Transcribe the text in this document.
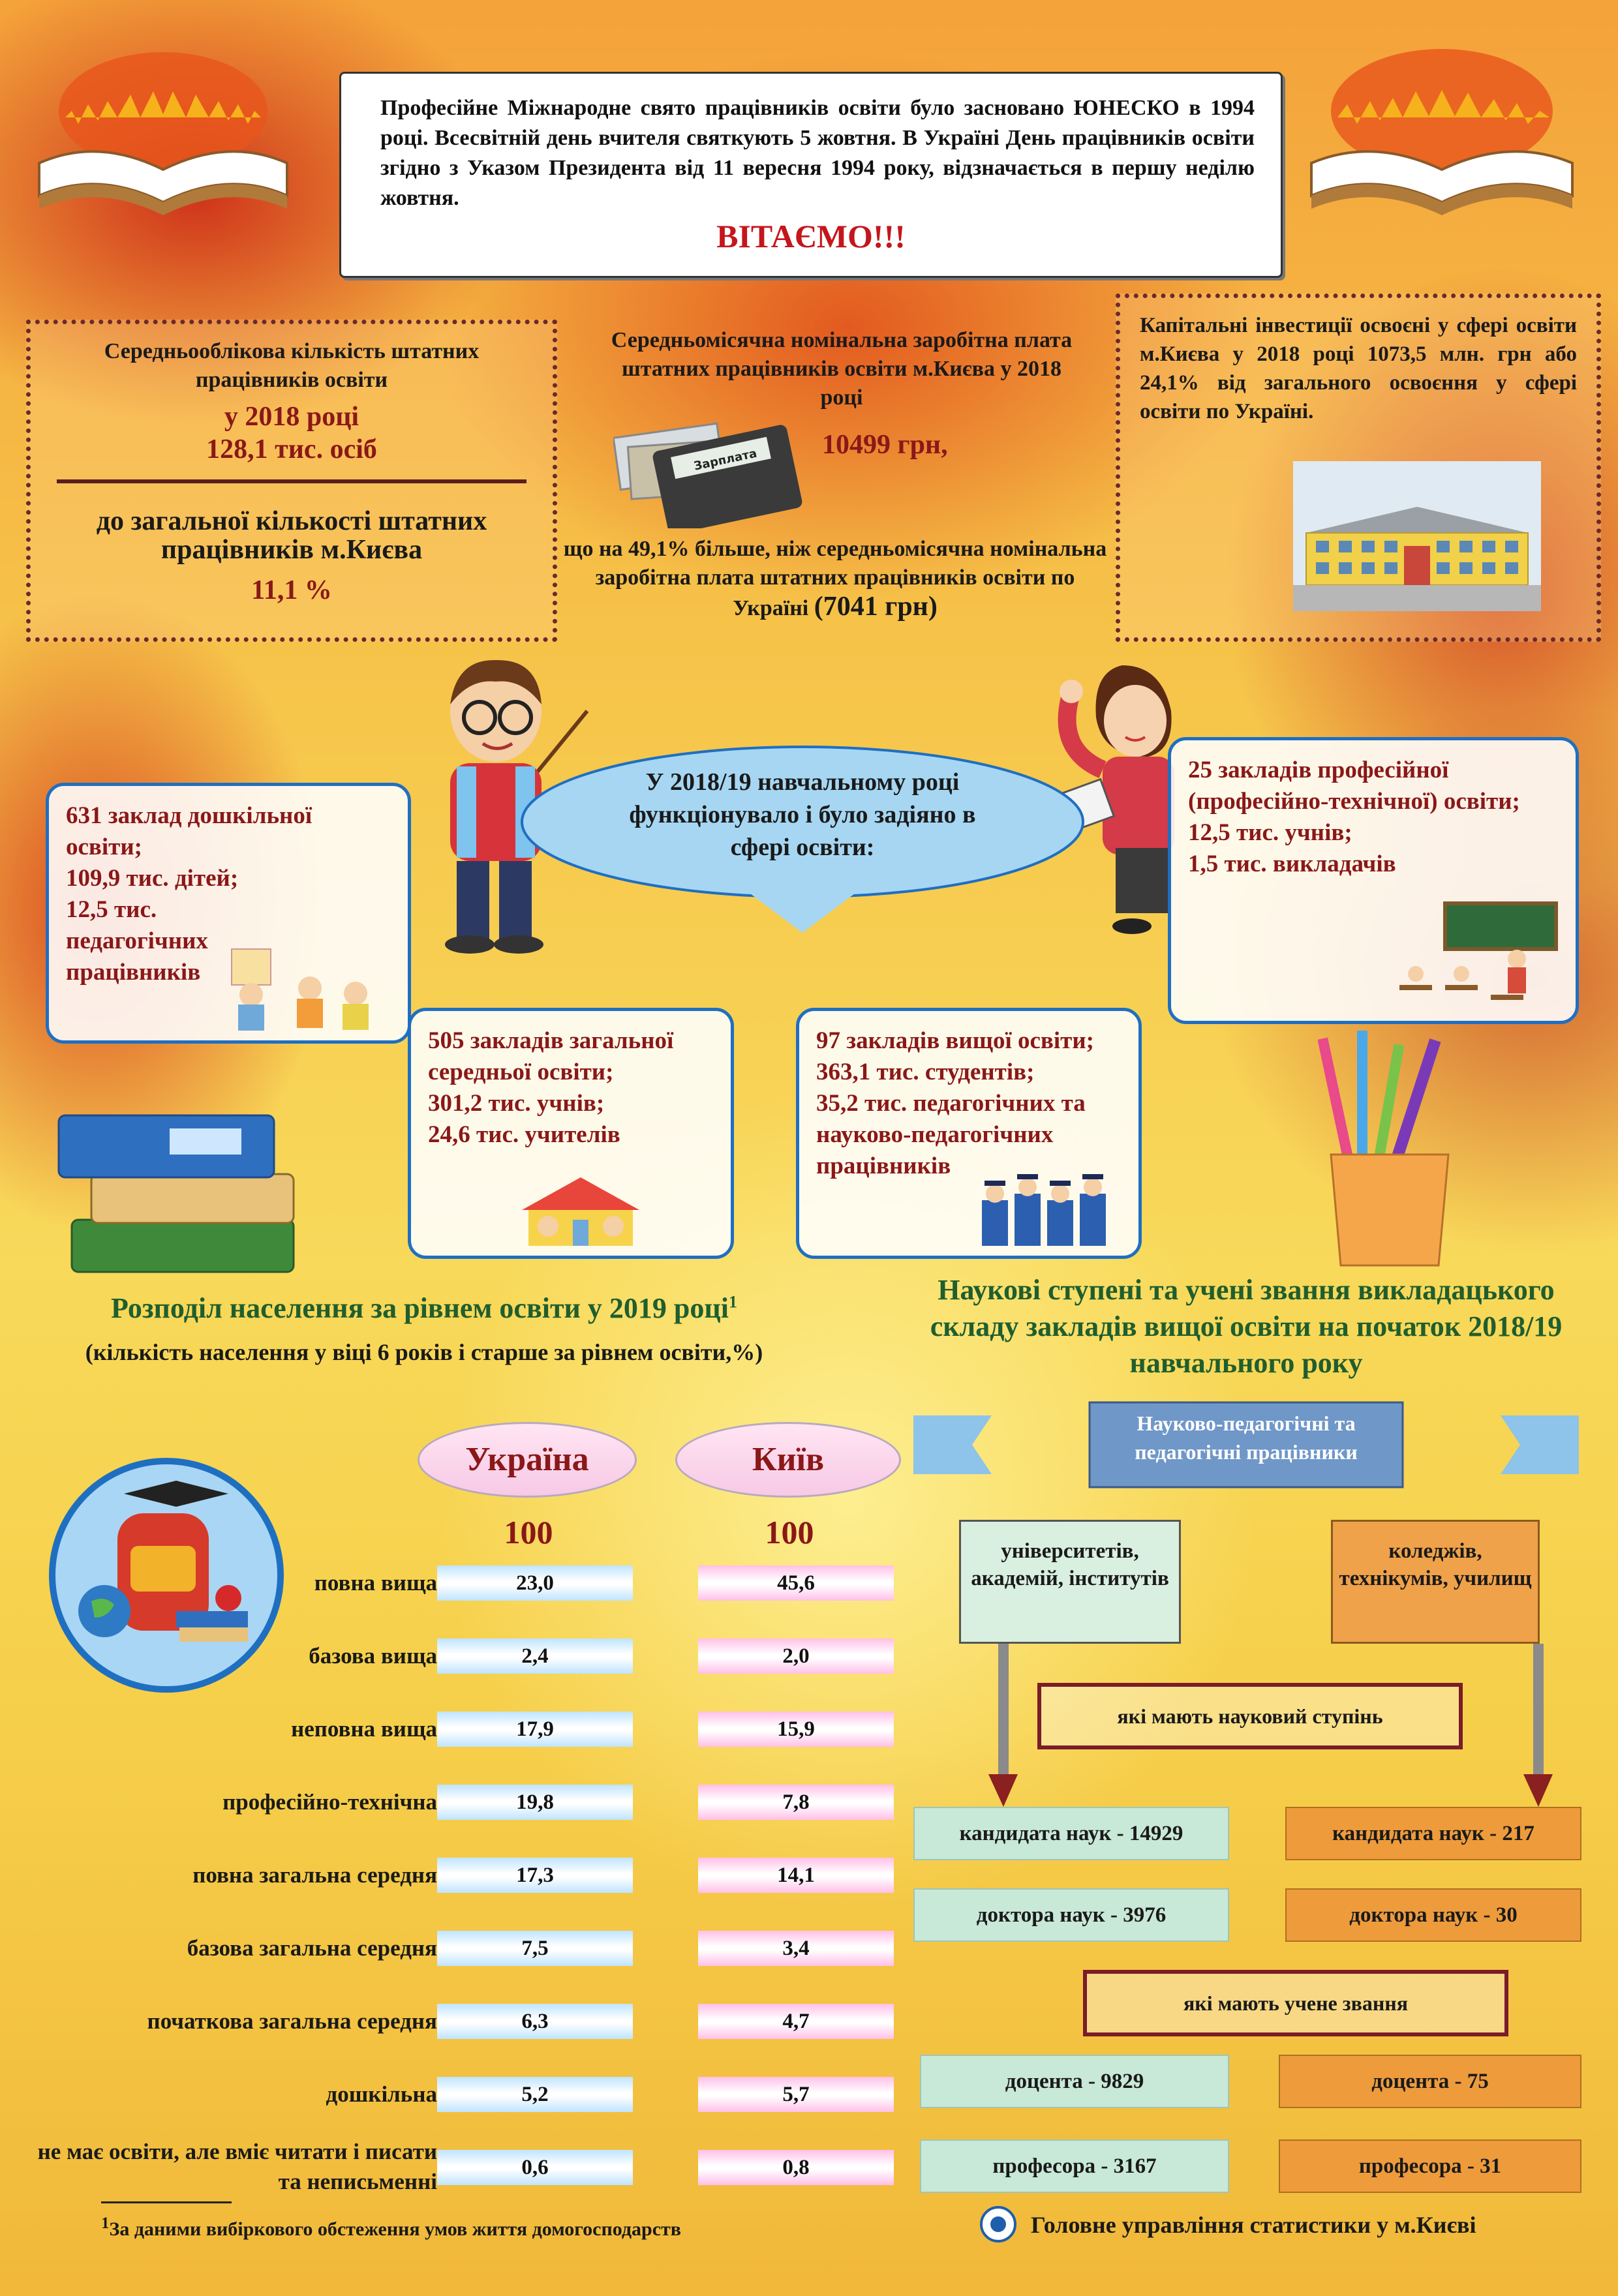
Професійне Міжнародне свято працівників освіти було засновано ЮНЕСКО в 1994 році. Всесвітній день вчителя святкують 5 жовтня. В Україні День працівників освіти згідно з Указом Президента від 11 вересня 1994 року, відзначається в першу неділю жовтня.
ВІТАЄМО!!!
Середньооблікова кількість штатних працівників освіти
у 2018 році
128,1 тис. осіб
до загальної кількості штатних працівників м.Києва
11,1 %
Середньомісячна номінальна заробітна плата штатних працівників освіти м.Києва у 2018 році
10499 грн,
Зарплата
що на 49,1% більше, ніж середньомісячна номінальна заробітна плата штатних працівників освіти по Україні (7041 грн)
Капітальні інвестиції освоєні у сфері освіти м.Києва у 2018 році 1073,5 млн. грн або 24,1% від загального освоєння у сфері освіти по Україні.
У 2018/19 навчальному році функціонувало і було задіяно в сфері освіти:
631 заклад дошкільної освіти;
109,9 тис. дітей;
12,5 тис. педагогічних працівників
25 закладів професійної (професійно-технічної) освіти;
12,5 тис. учнів;
1,5 тис. викладачів
505 закладів загальної середньої освіти;
301,2 тис. учнів;
24,6 тис. учителів
97 закладів вищої освіти;
363,1 тис. студентів;
35,2 тис. педагогічних та науково-педагогічних працівників
Розподіл населення за рівнем освіти у 2019 році$^1$
(кількість населення у віці 6 років і старше за рівнем освіти,%)
Україна	Київ
100	100
повна вища	23,0	45,6
базова вища	2,4	2,0
неповна вища	17,9	15,9
професійно-технічна	19,8	7,8
повна загальна середня	17,3	14,1
базова загальна середня	7,5	3,4
початкова загальна середня	6,3	4,7
дошкільна	5,2	5,7
не має освіти, але вміє читати і писати та неписьменні
0,6	0,8
Наукові ступені та учені звання викладацького складу закладів вищої освіти на початок 2018/19 навчального року
Науково-педагогічні та педагогічні працівники
університетів, академій, інститутів
коледжів, технікумів, училищ
які мають науковий ступінь
кандидата наук - 14929	кандидата наук - 217
доктора наук - 3976	доктора наук - 30
які мають учене звання
доцента - 9829	доцента - 75
професора - 3167	професора - 31
$^1$За даними вибіркового обстеження умов життя домогосподарств	Головне управління статистики у м.Києві
